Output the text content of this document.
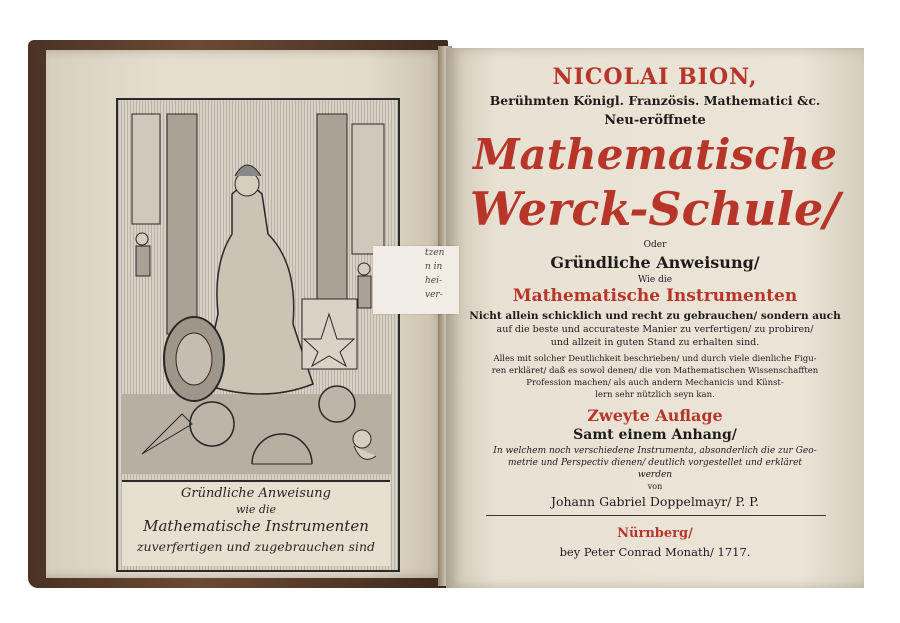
Gründliche Anweisung
wie die
Mathematische Instrumenten
zuverfertigen und zugebrauchen sind
NICOLAI BION,
Berühmten Königl. Französis. Mathematici &c.
Neu-eröffnete
Mathematische
Werck-Schule/
Oder
Gründliche Anweisung/
Wie die
Mathematische Instrumenten
Nicht allein schicklich und recht zu gebrauchen/ sondern auch
auf die beste und accurateste Manier zu verfertigen/ zu probiren/
und allzeit in guten Stand zu erhalten sind.
Alles mit solcher Deutlichkeit beschrieben/ und durch viele dienliche Figu-
ren erkläret/ daß es sowol denen/ die von Mathematischen Wissenschafften
Profession machen/ als auch andern Mechanicis und Künst-
lern sehr nützlich seyn kan.
Zweyte Auflage
Samt einem Anhang/
In welchem noch verschiedene Instrumenta, absonderlich die zur Geo-
metrie und Perspectiv dienen/ deutlich vorgestellet und erkläret
werden
von
Johann Gabriel Doppelmayr/ P. P.
Nürnberg/
bey Peter Conrad Monath/ 1717.
tzen
n in
hei-
ver-
